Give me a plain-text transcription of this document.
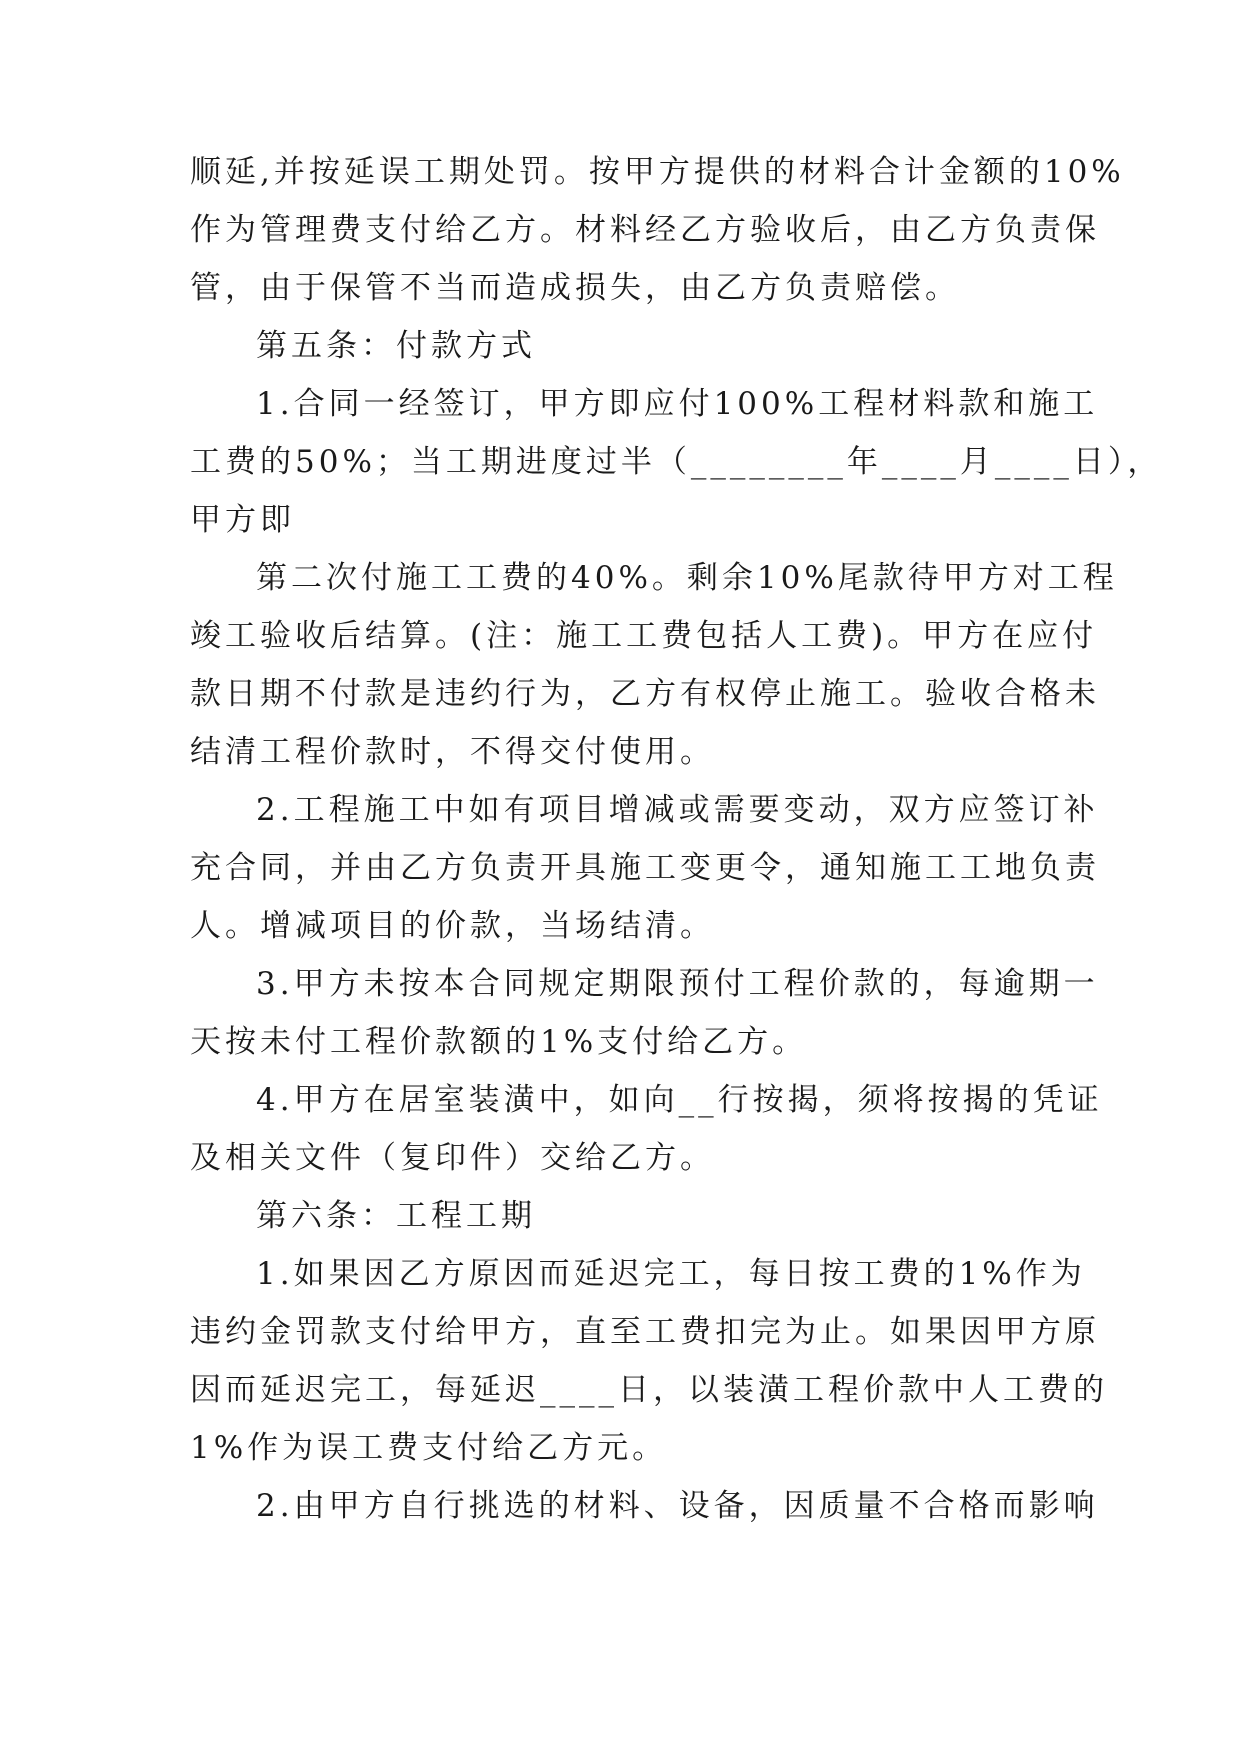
顺延,并按延误工期处罚。按甲方提供的材料合计金额的10%

作为管理费支付给乙方。材料经乙方验收后，由乙方负责保

管，由于保管不当而造成损失，由乙方负责赔偿。

第五条：付款方式

1.合同一经签订，甲方即应付100%工程材料款和施工

工费的50%；当工期进度过半（________年____月____日），

甲方即

第二次付施工工费的40%。剩余10%尾款待甲方对工程

竣工验收后结算。(注：施工工费包括人工费)。甲方在应付

款日期不付款是违约行为，乙方有权停止施工。验收合格未

结清工程价款时，不得交付使用。

2.工程施工中如有项目增减或需要变动，双方应签订补

充合同，并由乙方负责开具施工变更令，通知施工工地负责

人。增减项目的价款，当场结清。

3.甲方未按本合同规定期限预付工程价款的，每逾期一

天按未付工程价款额的1%支付给乙方。

4.甲方在居室装潢中，如向__行按揭，须将按揭的凭证

及相关文件（复印件）交给乙方。

第六条：工程工期

1.如果因乙方原因而延迟完工，每日按工费的1%作为

违约金罚款支付给甲方，直至工费扣完为止。如果因甲方原

因而延迟完工，每延迟____日，以装潢工程价款中人工费的

1%作为误工费支付给乙方元。

2.由甲方自行挑选的材料、设备，因质量不合格而影响
